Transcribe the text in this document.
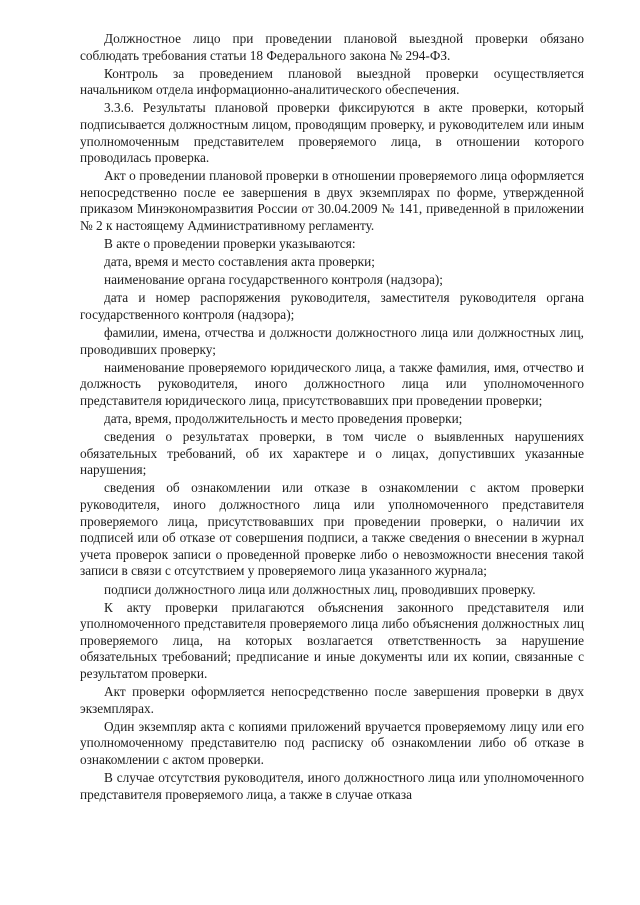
Должностное лицо при проведении плановой выездной проверки обязано соблюдать требования статьи 18 Федерального закона № 294-ФЗ.

Контроль за проведением плановой выездной проверки осуществляется начальником отдела информационно-аналитического обеспечения.

3.3.6. Результаты плановой проверки фиксируются в акте проверки, который подписывается должностным лицом, проводящим проверку, и руководителем или иным уполномоченным представителем проверяемого лица, в отношении которого проводилась проверка.

Акт о проведении плановой проверки в отношении проверяемого лица оформляется непосредственно после ее завершения в двух экземплярах по форме, утвержденной приказом Минэкономразвития России от 30.04.2009 № 141, приведенной в приложении № 2 к настоящему Административному регламенту.

В акте о проведении проверки указываются:

дата, время и место составления акта проверки;

наименование органа государственного контроля (надзора);

дата и номер распоряжения руководителя, заместителя руководителя органа государственного контроля (надзора);

фамилии, имена, отчества и должности должностного лица или должностных лиц, проводивших проверку;

наименование проверяемого юридического лица, а также фамилия, имя, отчество и должность руководителя, иного должностного лица или уполномоченного представителя юридического лица, присутствовавших при проведении проверки;

дата, время, продолжительность и место проведения проверки;

сведения о результатах проверки, в том числе о выявленных нарушениях обязательных требований, об их характере и о лицах, допустивших указанные нарушения;

сведения об ознакомлении или отказе в ознакомлении с актом проверки руководителя, иного должностного лица или уполномоченного представителя проверяемого лица, присутствовавших при проведении проверки, о наличии их подписей или об отказе от совершения подписи, а также сведения о внесении в журнал учета проверок записи о проведенной проверке либо о невозможности внесения такой записи в связи с отсутствием у проверяемого лица указанного журнала;

подписи должностного лица или должностных лиц, проводивших проверку.

К акту проверки прилагаются объяснения законного представителя или уполномоченного представителя проверяемого лица либо объяснения должностных лиц проверяемого лица, на которых возлагается ответственность за нарушение обязательных требований; предписание и иные документы или их копии, связанные с результатом проверки.

Акт проверки оформляется непосредственно после завершения проверки в двух экземплярах.

Один экземпляр акта с копиями приложений вручается проверяемому лицу или его уполномоченному представителю под расписку об ознакомлении либо об отказе в ознакомлении с актом проверки.

В случае отсутствия руководителя, иного должностного лица или уполномоченного представителя проверяемого лица, а также в случае отказа
